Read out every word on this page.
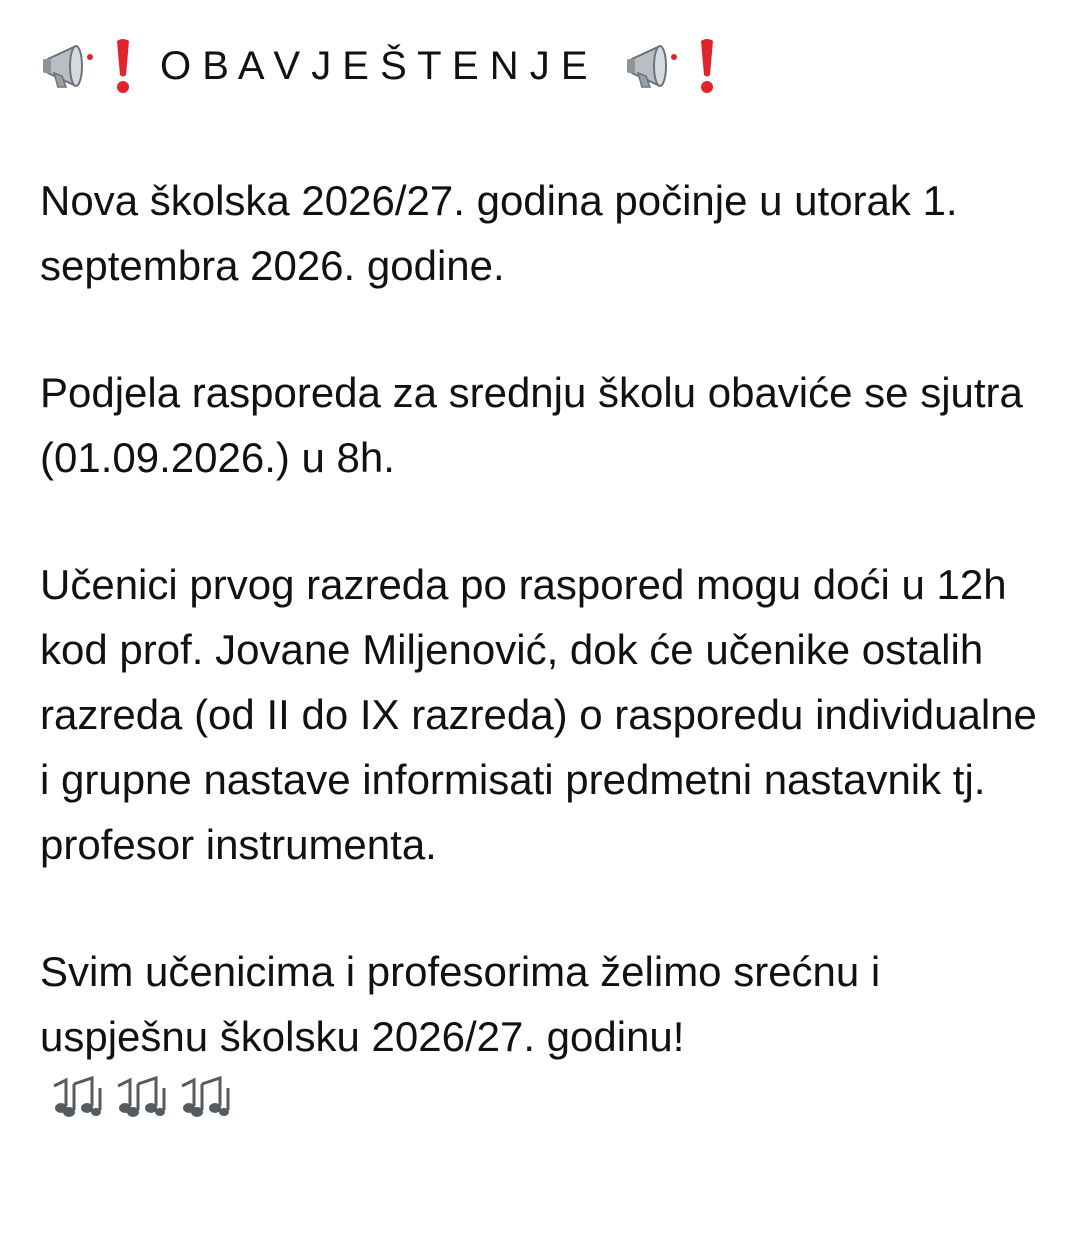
O B A V J E Š T E N J E

Nova školska 2026/27. godina počinje u utorak 1. septembra 2026. godine.

Podjela rasporeda za srednju školu obaviće se sjutra (01.09.2026.) u 8h.

Učenici prvog razreda po raspored mogu doći u 12h kod prof. Jovane Miljenović, dok će učenike ostalih razreda (od II do IX razreda) o rasporedu individualne i grupne nastave informisati predmetni nastavnik tj. profesor instrumenta.

Svim učenicima i profesorima želimo srećnu i uspješnu školsku 2026/27. godinu!
